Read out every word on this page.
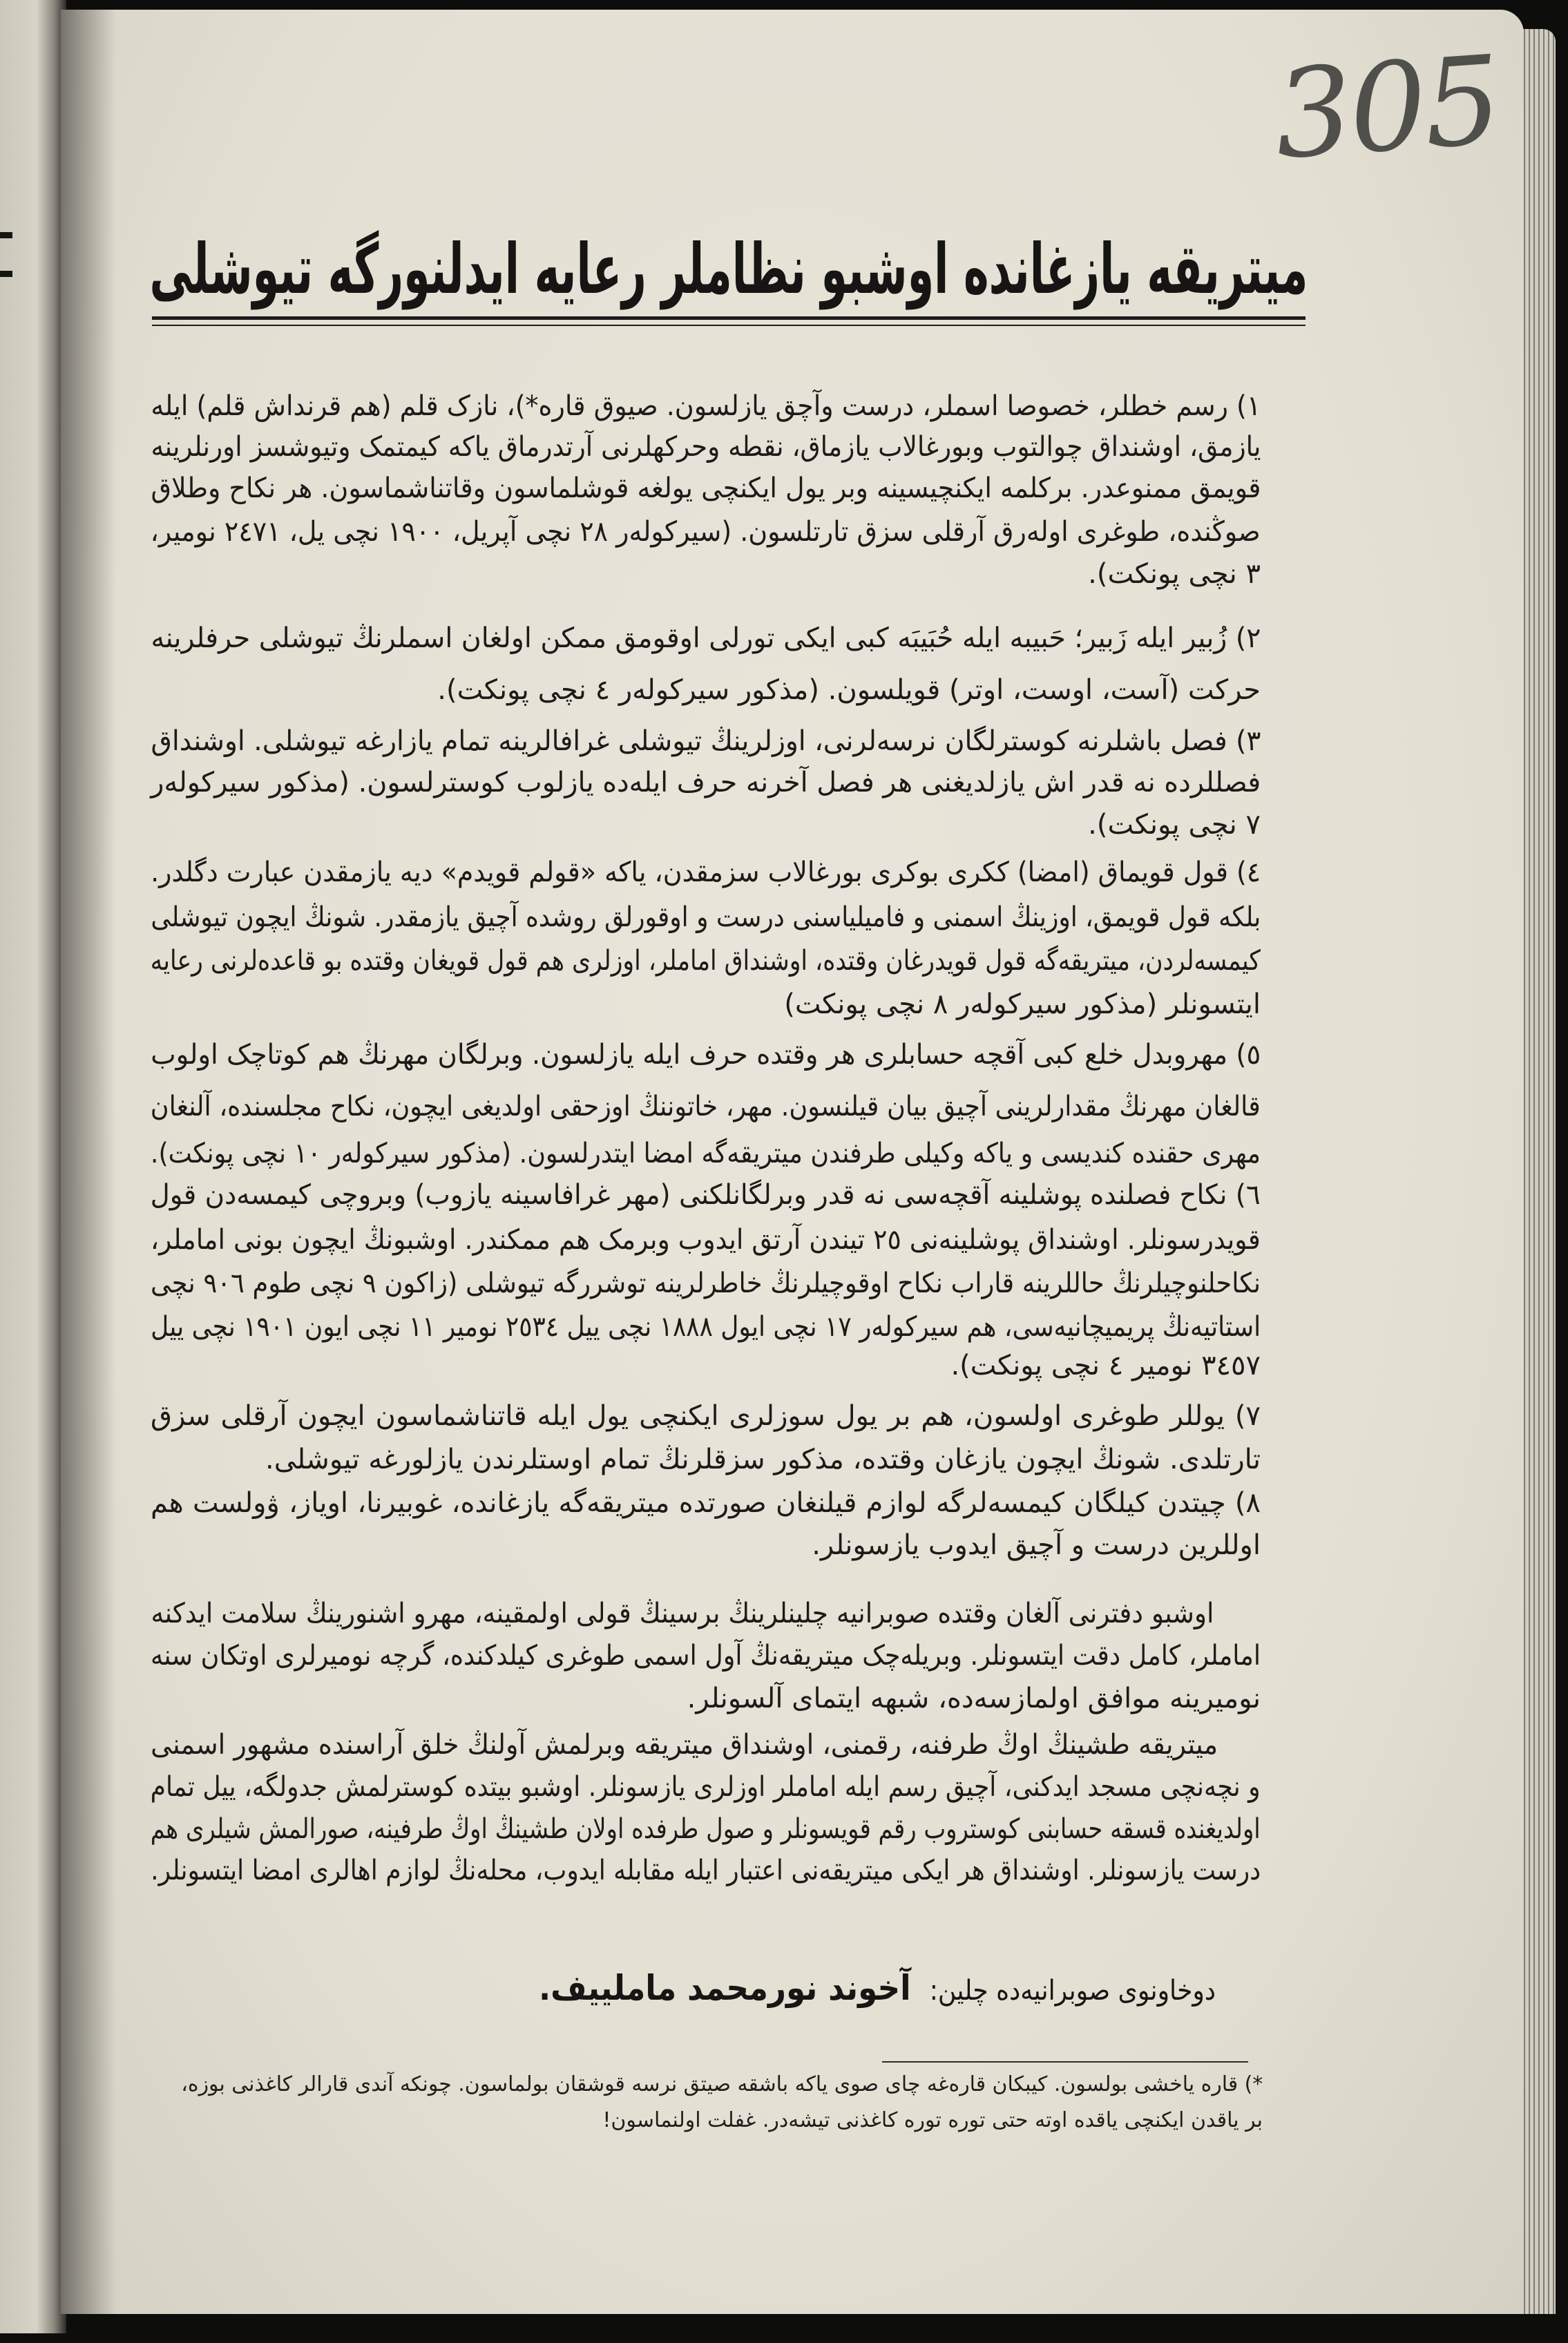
305
میتریقه یازغانده اوشبو نظاملر رعایه ایدلنورگه تیوشلی
١) رسم خطلر، خصوصا اسملر، درست وآچق یازلسون. صیوق قاره*)، نازک قلم (هم قرنداش قلم) ایله
یازمق، اوشنداق چوالتوب وبورغالاب یازماق، نقطه وحرکهلرنی آرتدرماق یاکه کیمتمک وتیوشسز اورنلرینه
قویمق ممنوعدر. برکلمه ایکنچیسینه وبر یول ایکنچی یولغه قوشلماسون وقاتناشماسون. هر نکاح وطلاق
صوڭنده، طوغری اولەرق آرقلی سزق تارتلسون. (سیرکولەر ٢٨ نچی آپریل، ١٩٠٠ نچی یل، ٢٤٧١ نومیر،
٣ نچی پونکت).
٢) زُبیر ایله زَبیر؛ حَبیبه ایله حُبَیبَه کبی ایکی تورلی اوقومق ممکن اولغان اسملرنڭ تیوشلی حرفلرینه
حرکت (آست، اوست، اوتر) قویلسون. (مذکور سیرکولەر ٤ نچی پونکت).
٣) فصل باشلرنه کوسترلگان نرسەلرنی، اوزلرینڭ تیوشلی غرافالرینه تمام یازارغه تیوشلی. اوشنداق
فصللرده نه قدر اش یازلدیغنی هر فصل آخرنه حرف ایلەده یازلوب کوسترلسون. (مذکور سیرکولەر
٧ نچی پونکت).
٤) قول قویماق (امضا) ککری بوکری بورغالاب سزمقدن، یاکه «قولم قویدم» دیه یازمقدن عبارت دگلدر.
بلکه قول قویمق، اوزینڭ اسمنی و فامیلیاسنی درست و اوقورلق روشده آچیق یازمقدر. شونڭ ایچون تیوشلی
کیمسەلردن، میتریقەگه قول قویدرغان وقتده، اوشنداق اماملر، اوزلری هم قول قویغان وقتده بو قاعدەلرنی رعایه
ایتسونلر (مذکور سیرکولەر ٨ نچی پونکت)
٥) مهروبدل خلع کبی آقچه حسابلری هر وقتده حرف ایله یازلسون. وبرلگان مهرنڭ هم کوتاچک اولوب
قالغان مهرنڭ مقدارلرینی آچیق بیان قیلنسون. مهر، خاتوننڭ اوزحقی اولدیغی ایچون، نکاح مجلسنده، آلنغان
مهری حقنده کندیسی و یاکه وکیلی طرفندن میتریقەگه امضا ایتدرلسون. (مذکور سیرکولەر ١٠ نچی پونکت).
٦) نکاح فصلنده پوشلینه آقچەسی نه قدر وبرلگانلکنی (مهر غرافاسینه یازوب) وبروچی کیمسەدن قول
قویدرسونلر. اوشنداق پوشلینەنی ٢٥ تیندن آرتق ایدوب وبرمک هم ممکندر. اوشبونڭ ایچون بونی اماملر،
نکاحلنوچیلرنڭ حاللرینه قاراب نکاح اوقوچیلرنڭ خاطرلرینه توشررگه تیوشلی (زاکون ٩ نچی طوم ٩٠٦ نچی
استاتیەنڭ پریمیچانیەسی، هم سیرکولەر ١٧ نچی ایول ١٨٨٨ نچی ییل ٢٥٣٤ نومیر ١١ نچی ایون ١٩٠١ نچی ییل
٣٤٥٧ نومیر ٤ نچی پونکت).
٧) یوللر طوغری اولسون، هم بر یول سوزلری ایکنچی یول ایله قاتناشماسون ایچون آرقلی سزق
تارتلدی. شونڭ ایچون یازغان وقتده، مذکور سزقلرنڭ تمام اوستلرندن یازلورغه تیوشلی.
٨) چیتدن کیلگان کیمسەلرگه لوازم قیلنغان صورتده میتریقەگه یازغانده، غوبیرنا، اویاز، ۋولست هم
اوللرین درست و آچیق ایدوب یازسونلر.
اوشبو دفترنی آلغان وقتده صوبرانیه چلینلرینڭ برسینڭ قولی اولمقینه، مهرو اشنورینڭ سلامت ایدکنه
اماملر، کامل دقت ایتسونلر. وبریلەچک میتریقەنڭ آول اسمی طوغری کیلدکنده، گرچه نومیرلری اوتکان سنه
نومیرینه موافق اولمازسەده، شبهه ایتمای آلسونلر.
میتریقه طشینڭ اوڭ طرفنه، رقمنی، اوشنداق میتریقه وبرلمش آولنڭ خلق آراسنده مشهور اسمنی
و نچەنچی مسجد ایدکنی، آچیق رسم ایله اماملر اوزلری یازسونلر. اوشبو بیتده کوسترلمش جدولگه، ییل تمام
اولدیغنده قسقه حسابنی کوستروب رقم قویسونلر و صول طرفده اولان طشینڭ اوڭ طرفینه، صورالمش شیلری هم
درست یازسونلر. اوشنداق هر ایکی میتریقەنی اعتبار ایله مقابله ایدوب، محلەنڭ لوازم اهالری امضا ایتسونلر.
دوخاونوی صوبرانیەده چلین:آخوند نورمحمد ماملییف.
*) قاره یاخشی بولسون. کیبکان قارەغه چای صوی یاکه باشقه صیتق نرسه قوشقان بولماسون. چونکه آندی قارالر کاغذنی بوزه،
بر یاقدن ایکنچی یاقده اوته حتی توره توره کاغذنی تیشەدر. غفلت اولنماسون!
